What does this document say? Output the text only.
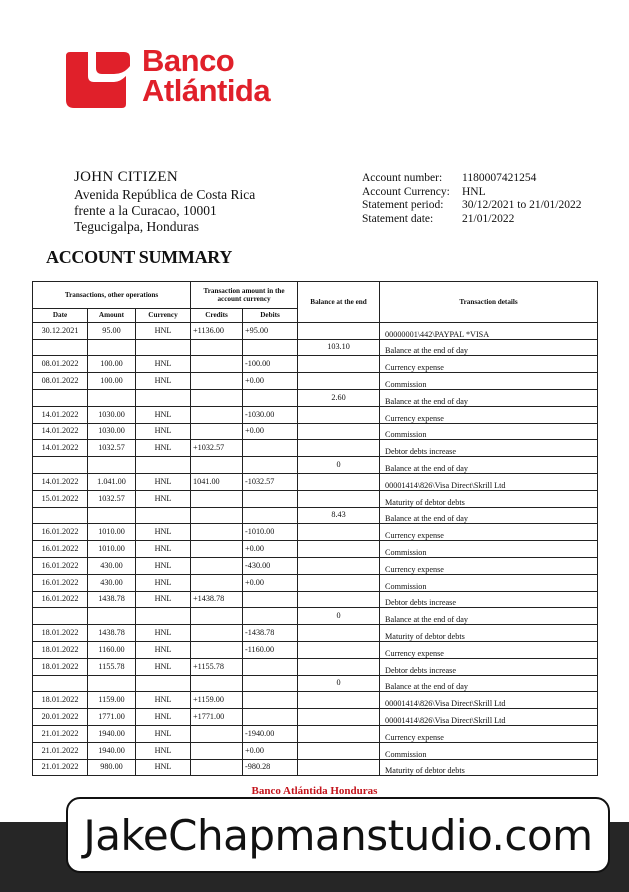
Banco
Atlántida
JOHN CITIZEN
Avenida República de Costa Rica
frente a la Curacao, 10001
Tegucigalpa, Honduras
Account number:	1180007421254
Account Currency:	HNL
Statement period:	30/12/2021 to 21/01/2022
Statement date:	21/01/2022
ACCOUNT SUMMARY
Transactions, other operations			Transaction amount in the account currency		Balance at the end	Transaction details
Date	Amount	Currency	Credits	Debits		
30.12.2021	95.00	HNL	+1136.00	+95.00		00000001\442\PAYPAL *VISA
					103.10	Balance at the end of day
08.01.2022	100.00	HNL		-100.00		Currency expense
08.01.2022	100.00	HNL		+0.00		Commission
					2.60	Balance at the end of day
14.01.2022	1030.00	HNL		-1030.00		Currency expense
14.01.2022	1030.00	HNL		+0.00		Commission
14.01.2022	1032.57	HNL	+1032.57			Debtor debts increase
					0	Balance at the end of day
14.01.2022	1.041.00	HNL	1041.00	-1032.57		00001414\826\Visa Direct\Skrill Ltd
15.01.2022	1032.57	HNL				Maturity of debtor debts
					8.43	Balance at the end of day
16.01.2022	1010.00	HNL		-1010.00		Currency expense
16.01.2022	1010.00	HNL		+0.00		Commission
16.01.2022	430.00	HNL		-430.00		Currency expense
16.01.2022	430.00	HNL		+0.00		Commission
16.01.2022	1438.78	HNL	+1438.78			Debtor debts increase
					0	Balance at the end of day
18.01.2022	1438.78	HNL		-1438.78		Maturity of debtor debts
18.01.2022	1160.00	HNL		-1160.00		Currency expense
18.01.2022	1155.78	HNL	+1155.78			Debtor debts increase
					0	Balance at the end of day
18.01.2022	1159.00	HNL	+1159.00			00001414\826\Visa Direct\Skrill Ltd
20.01.2022	1771.00	HNL	+1771.00			00001414\826\Visa Direct\Skrill Ltd
21.01.2022	1940.00	HNL		-1940.00		Currency expense
21.01.2022	1940.00	HNL		+0.00		Commission
21.01.2022	980.00	HNL		-980.28		Maturity of debtor debts
Banco Atlántida Honduras
JakeChapmanstudio.com
